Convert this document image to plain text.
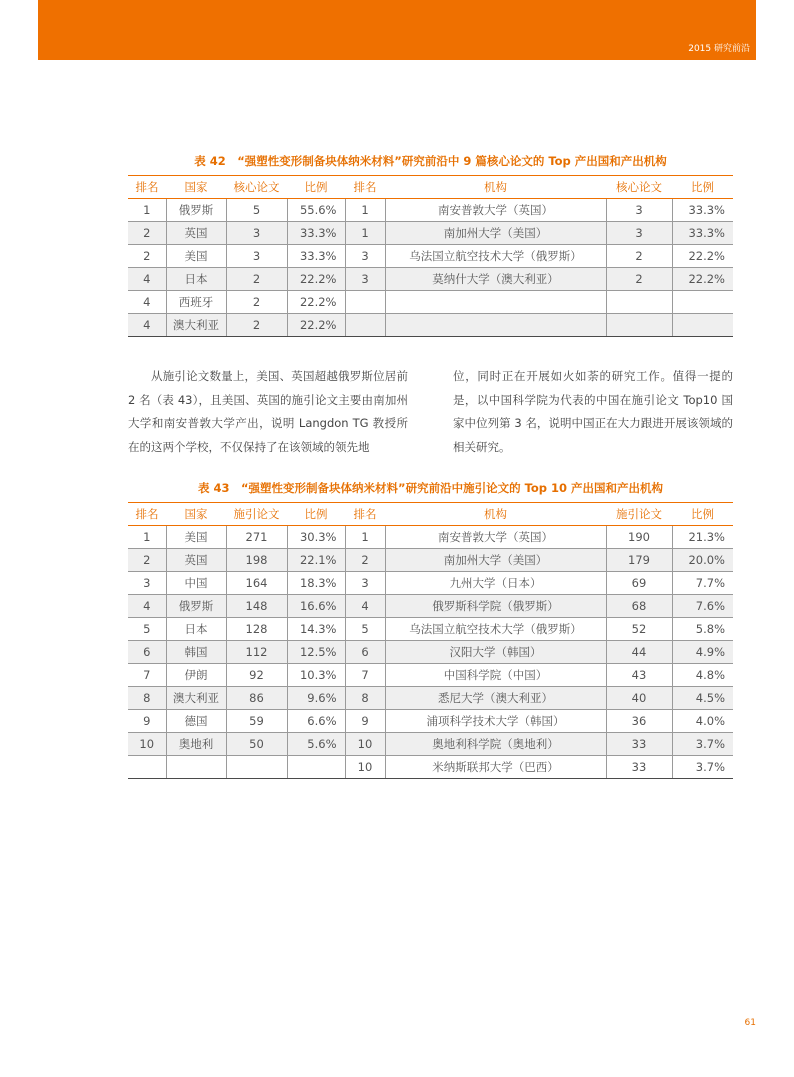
2015 研究前沿
表 42　“强塑性变形制备块体纳米材料”研究前沿中 9 篇核心论文的 Top 产出国和产出机构
排名	国家	核心论文	比例	排名	机构	核心论文	比例
1	俄罗斯	5	55.6%	1	南安普敦大学（英国）	3	33.3%
2	英国	3	33.3%	1	南加州大学（美国）	3	33.3%
2	美国	3	33.3%	3	乌法国立航空技术大学（俄罗斯）	2	22.2%
4	日本	2	22.2%	3	莫纳什大学（澳大利亚）	2	22.2%
4	西班牙	2	22.2%				
4	澳大利亚	2	22.2%				
从施引论文数量上，美国、英国超越俄罗斯位居前 2 名（表 43），且美国、英国的施引论文主要由南加州大学和南安普敦大学产出，说明 Langdon TG 教授所在的这两个学校，不仅保持了在该领域的领先地
位，同时正在开展如火如荼的研究工作。值得一提的是，以中国科学院为代表的中国在施引论文 Top10 国家中位列第 3 名，说明中国正在大力跟进开展该领域的相关研究。
表 43　“强塑性变形制备块体纳米材料”研究前沿中施引论文的 Top 10 产出国和产出机构
排名	国家	施引论文	比例	排名	机构	施引论文	比例
1	美国	271	30.3%	1	南安普敦大学（英国）	190	21.3%
2	英国	198	22.1%	2	南加州大学（美国）	179	20.0%
3	中国	164	18.3%	3	九州大学（日本）	69	7.7%
4	俄罗斯	148	16.6%	4	俄罗斯科学院（俄罗斯）	68	7.6%
5	日本	128	14.3%	5	乌法国立航空技术大学（俄罗斯）	52	5.8%
6	韩国	112	12.5%	6	汉阳大学（韩国）	44	4.9%
7	伊朗	92	10.3%	7	中国科学院（中国）	43	4.8%
8	澳大利亚	86	9.6%	8	悉尼大学（澳大利亚）	40	4.5%
9	德国	59	6.6%	9	浦项科学技术大学（韩国）	36	4.0%
10	奥地利	50	5.6%	10	奥地利科学院（奥地利）	33	3.7%
				10	米纳斯联邦大学（巴西）	33	3.7%
61
